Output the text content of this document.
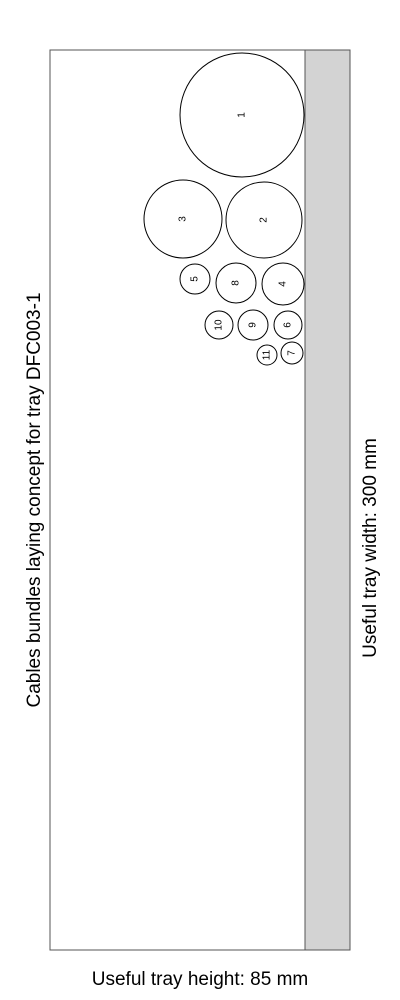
1
2
3
4
5
6
7
8
9
10
11
Cables bundles laying concept for tray DFC003-1	Useful tray width: 300 mm
Useful tray height: 85 mm
